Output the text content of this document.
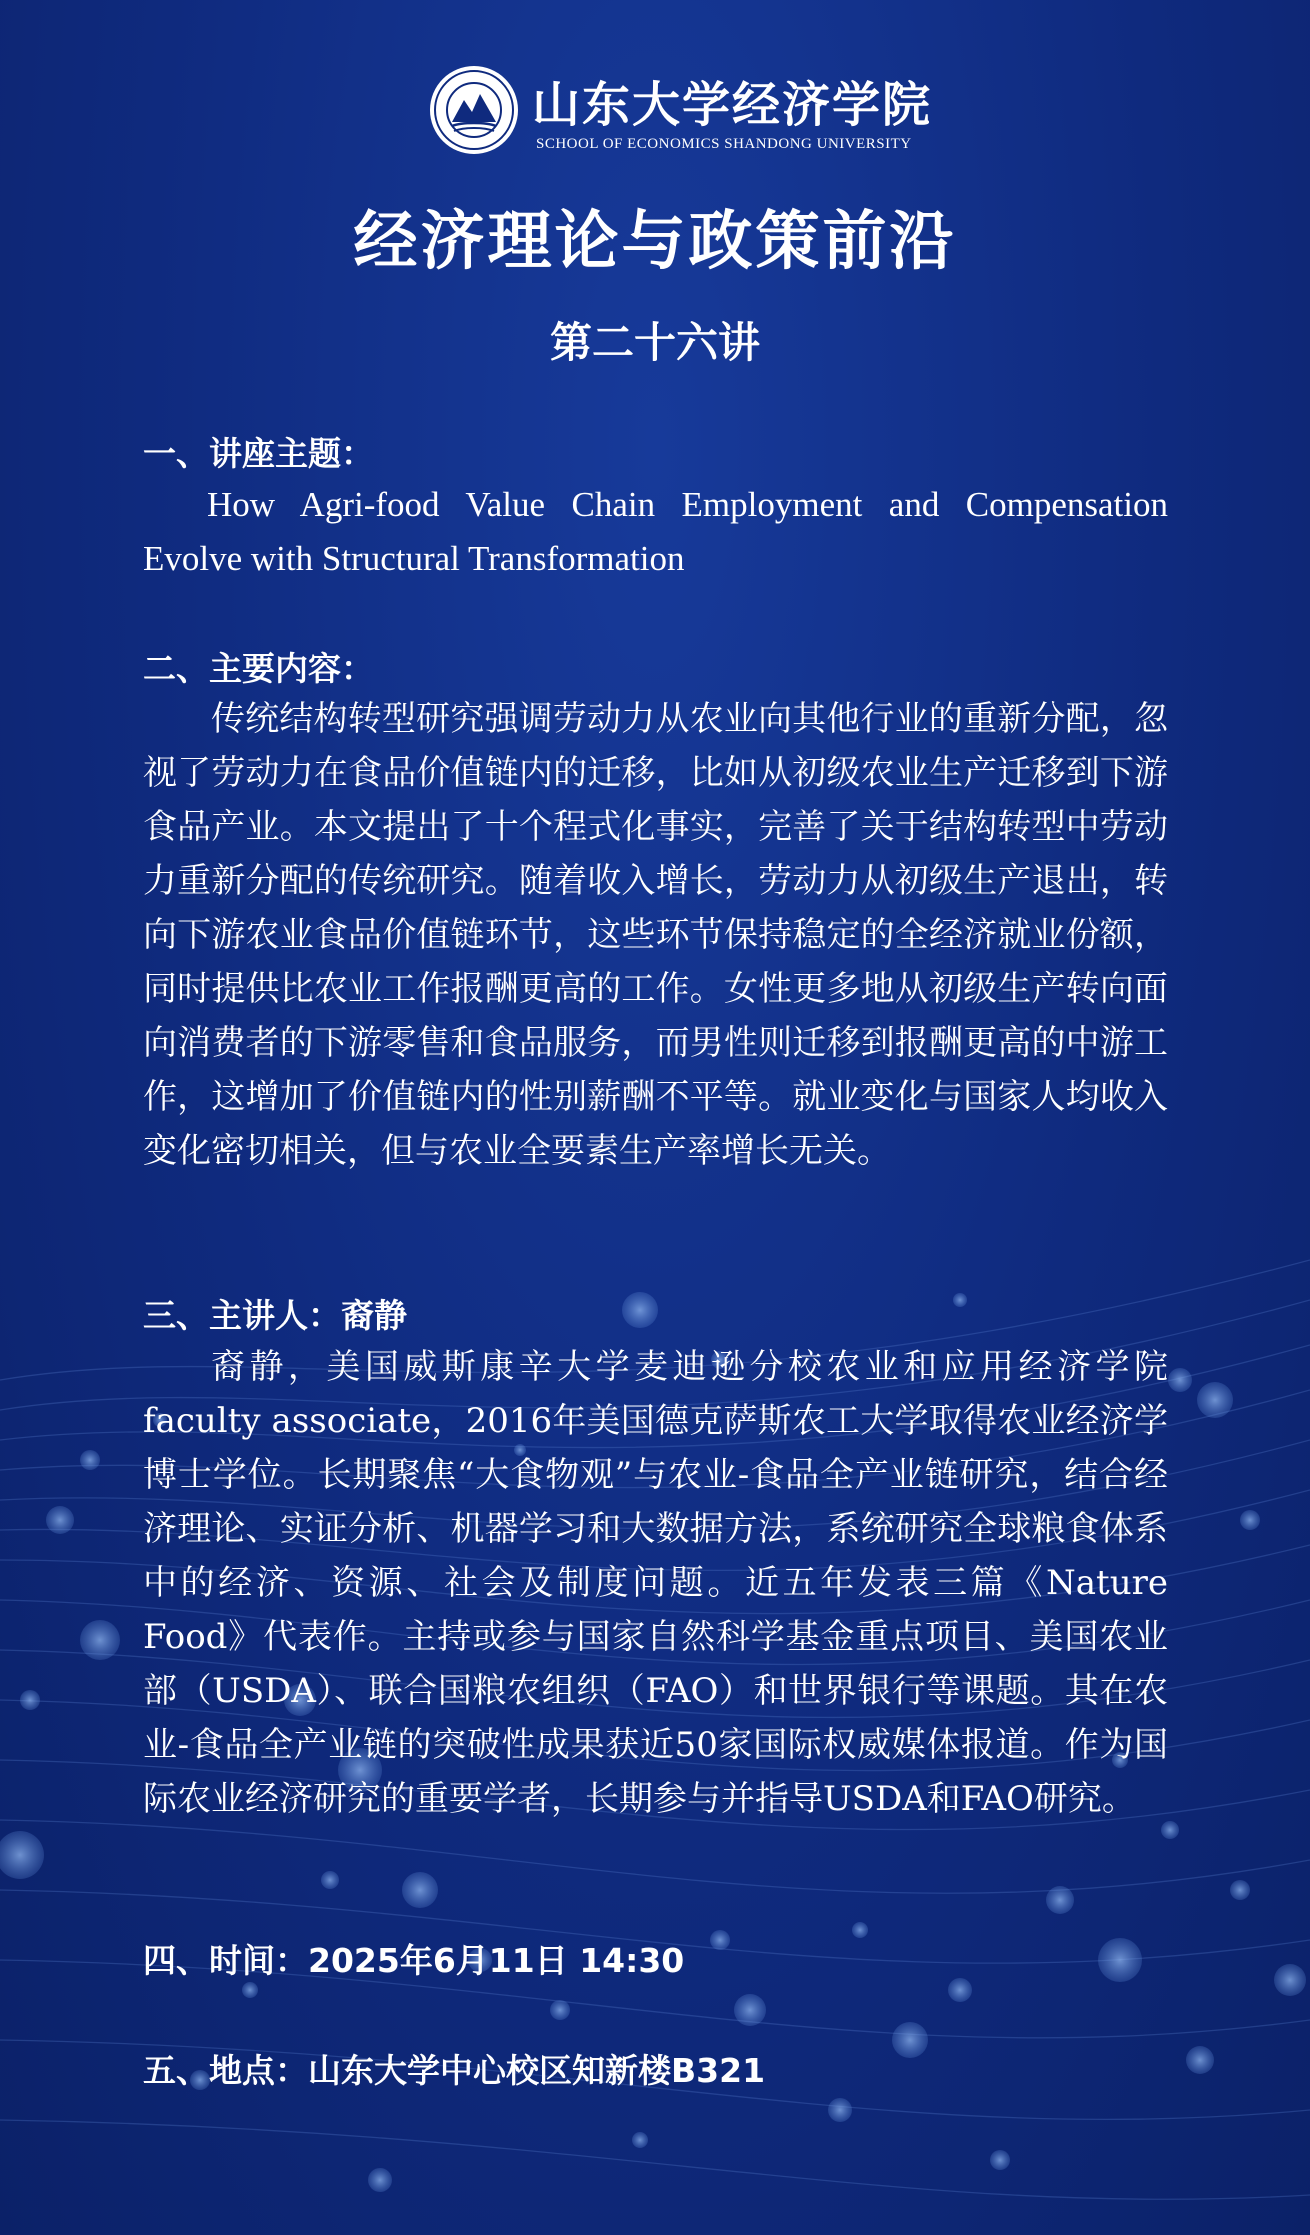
山东大学经济学院
SCHOOL OF ECONOMICS SHANDONG UNIVERSITY
经济理论与政策前沿
第二十六讲
一、讲座主题：
How Agri-food Value Chain Employment and Compensation Evolve with Structural Transformation
二、主要内容：
传统结构转型研究强调劳动力从农业向其他行业的重新分配，忽视了劳动力在食品价值链内的迁移，比如从初级农业生产迁移到下游食品产业。本文提出了十个程式化事实，完善了关于结构转型中劳动力重新分配的传统研究。随着收入增长，劳动力从初级生产退出，转向下游农业食品价值链环节，这些环节保持稳定的全经济就业份额，同时提供比农业工作报酬更高的工作。女性更多地从初级生产转向面向消费者的下游零售和食品服务，而男性则迁移到报酬更高的中游工作，这增加了价值链内的性别薪酬不平等。就业变化与国家人均收入变化密切相关，但与农业全要素生产率增长无关。
三、主讲人：裔静
裔静，美国威斯康辛大学麦迪逊分校农业和应用经济学院faculty associate，2016年美国德克萨斯农工大学取得农业经济学博士学位。长期聚焦“大食物观”与农业-食品全产业链研究，结合经济理论、实证分析、机器学习和大数据方法，系统研究全球粮食体系中的经济、资源、社会及制度问题。近五年发表三篇《Nature Food》代表作。主持或参与国家自然科学基金重点项目、美国农业部（USDA）、联合国粮农组织（FAO）和世界银行等课题。其在农业-食品全产业链的突破性成果获近50家国际权威媒体报道。作为国际农业经济研究的重要学者，长期参与并指导USDA和FAO研究。
四、时间：2025年6月11日 14:30
五、地点：山东大学中心校区知新楼B321
